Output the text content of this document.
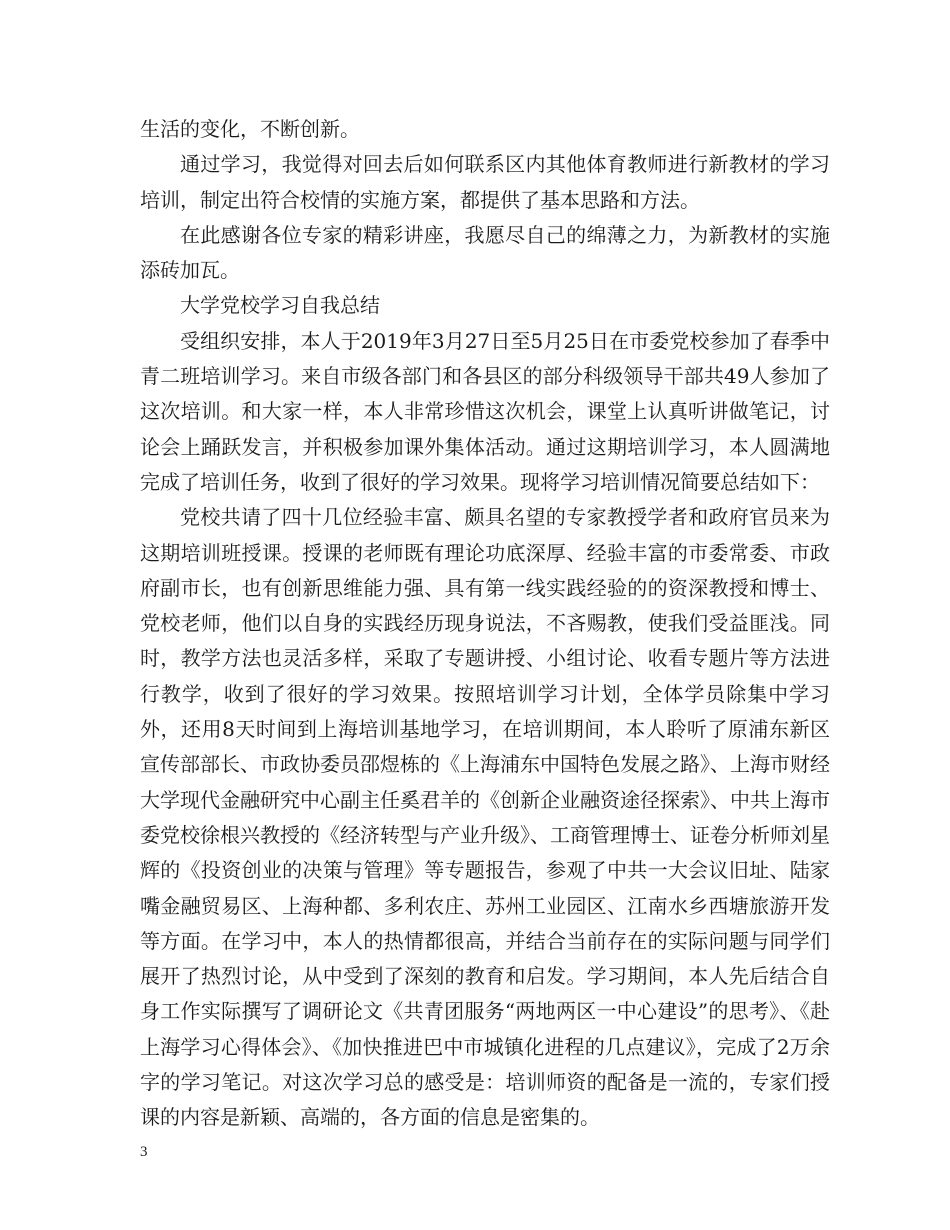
生活的变化，不断创新。

通过学习，我觉得对回去后如何联系区内其他体育教师进行新教材的学习培训，制定出符合校情的实施方案，都提供了基本思路和方法。

在此感谢各位专家的精彩讲座，我愿尽自己的绵薄之力，为新教材的实施添砖加瓦。

大学党校学习自我总结

受组织安排，本人于2019年3月27日至5月25日在市委党校参加了春季中青二班培训学习。来自市级各部门和各县区的部分科级领导干部共49人参加了这次培训。和大家一样，本人非常珍惜这次机会，课堂上认真听讲做笔记，讨论会上踊跃发言，并积极参加课外集体活动。通过这期培训学习，本人圆满地完成了培训任务，收到了很好的学习效果。现将学习培训情况简要总结如下：

党校共请了四十几位经验丰富、颇具名望的专家教授学者和政府官员来为这期培训班授课。授课的老师既有理论功底深厚、经验丰富的市委常委、市政府副市长，也有创新思维能力强、具有第一线实践经验的的资深教授和博士、党校老师，他们以自身的实践经历现身说法，不吝赐教，使我们受益匪浅。同时，教学方法也灵活多样，采取了专题讲授、小组讨论、收看专题片等方法进行教学，收到了很好的学习效果。按照培训学习计划，全体学员除集中学习外，还用8天时间到上海培训基地学习，在培训期间，本人聆听了原浦东新区宣传部部长、市政协委员邵煜栋的《上海浦东中国特色发展之路》、上海市财经大学现代金融研究中心副主任奚君羊的《创新企业融资途径探索》、中共上海市委党校徐根兴教授的《经济转型与产业升级》、工商管理博士、证卷分析师刘星辉的《投资创业的决策与管理》等专题报告，参观了中共一大会议旧址、陆家嘴金融贸易区、上海种都、多利农庄、苏州工业园区、江南水乡西塘旅游开发等方面。在学习中，本人的热情都很高，并结合当前存在的实际问题与同学们展开了热烈讨论，从中受到了深刻的教育和启发。学习期间，本人先后结合自身工作实际撰写了调研论文《共青团服务“两地两区一中心建设”的思考》、《赴上海学习心得体会》、《加快推进巴中市城镇化进程的几点建议》，完成了2万余字的学习笔记。对这次学习总的感受是：培训师资的配备是一流的，专家们授课的内容是新颖、高端的，各方面的信息是密集的。

3
